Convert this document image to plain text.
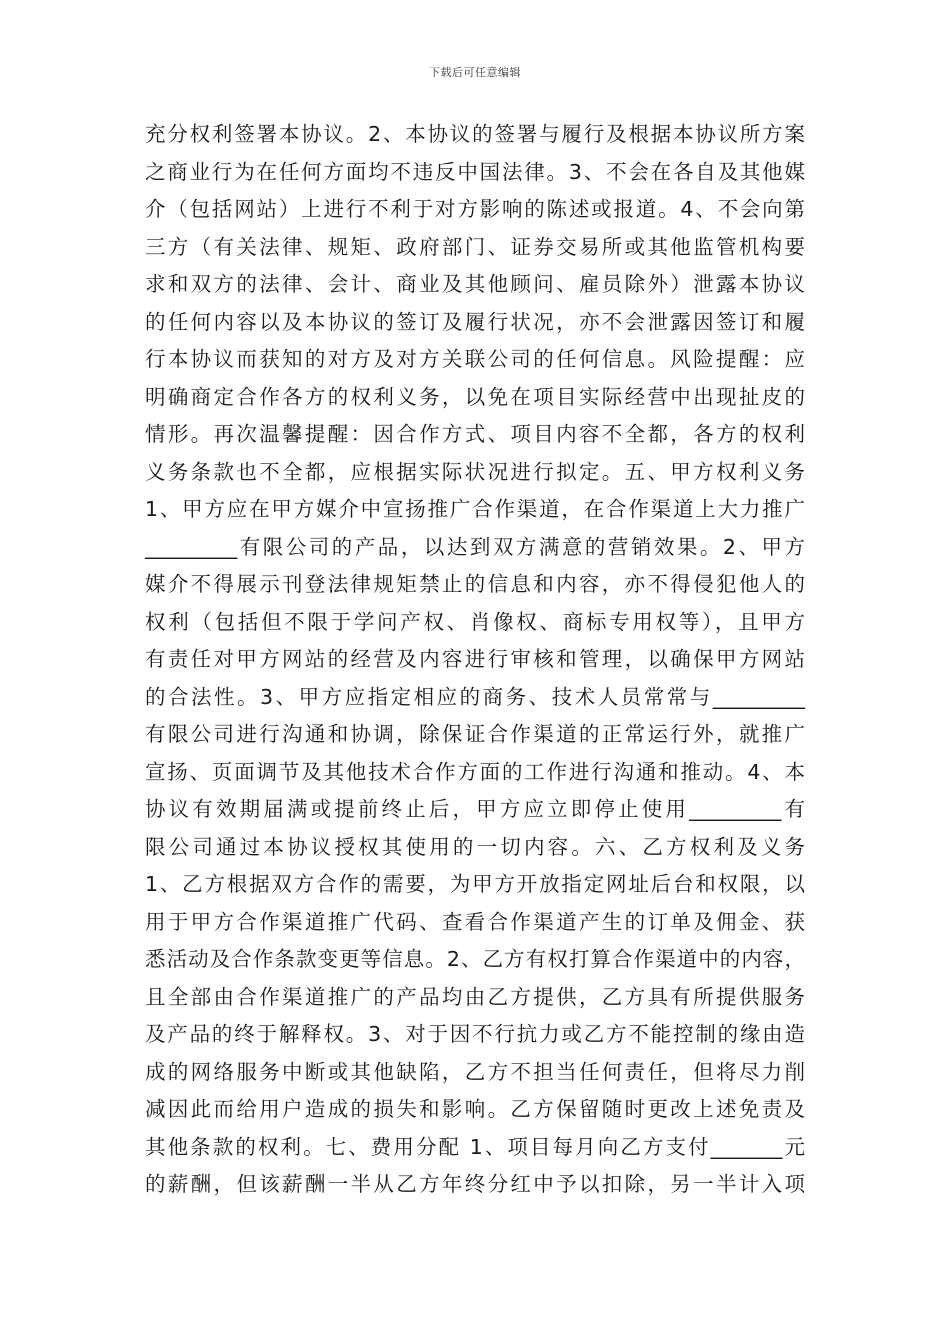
下载后可任意编辑
充分权利签署本协议。2、本协议的签署与履行及根据本协议所方案
之商业行为在任何方面均不违反中国法律。3、不会在各自及其他媒
介（包括网站）上进行不利于对方影响的陈述或报道。4、不会向第
三方（有关法律、规矩、政府部门、证券交易所或其他监管机构要
求和双方的法律、会计、商业及其他顾问、雇员除外）泄露本协议
的任何内容以及本协议的签订及履行状况，亦不会泄露因签订和履
行本协议而获知的对方及对方关联公司的任何信息。风险提醒：应
明确商定合作各方的权利义务，以免在项目实际经营中出现扯皮的
情形。再次温馨提醒：因合作方式、项目内容不全都，各方的权利
义务条款也不全都，应根据实际状况进行拟定。五、甲方权利义务
1、甲方应在甲方媒介中宣扬推广合作渠道，在合作渠道上大力推广
_________有限公司的产品，以达到双方满意的营销效果。2、甲方
媒介不得展示刊登法律规矩禁止的信息和内容，亦不得侵犯他人的
权利（包括但不限于学问产权、肖像权、商标专用权等），且甲方
有责任对甲方网站的经营及内容进行审核和管理，以确保甲方网站
的合法性。3、甲方应指定相应的商务、技术人员常常与_________
有限公司进行沟通和协调，除保证合作渠道的正常运行外，就推广
宣扬、页面调节及其他技术合作方面的工作进行沟通和推动。4、本
协议有效期届满或提前终止后，甲方应立即停止使用_________有
限公司通过本协议授权其使用的一切内容。六、乙方权利及义务
1、乙方根据双方合作的需要，为甲方开放指定网址后台和权限，以
用于甲方合作渠道推广代码、查看合作渠道产生的订单及佣金、获
悉活动及合作条款变更等信息。2、乙方有权打算合作渠道中的内容，
且全部由合作渠道推广的产品均由乙方提供，乙方具有所提供服务
及产品的终于解释权。3、对于因不行抗力或乙方不能控制的缘由造
成的网络服务中断或其他缺陷，乙方不担当任何责任，但将尽力削
减因此而给用户造成的损失和影响。乙方保留随时更改上述免责及
其他条款的权利。七、费用分配 1、项目每月向乙方支付_______元
的薪酬，但该薪酬一半从乙方年终分红中予以扣除，另一半计入项
